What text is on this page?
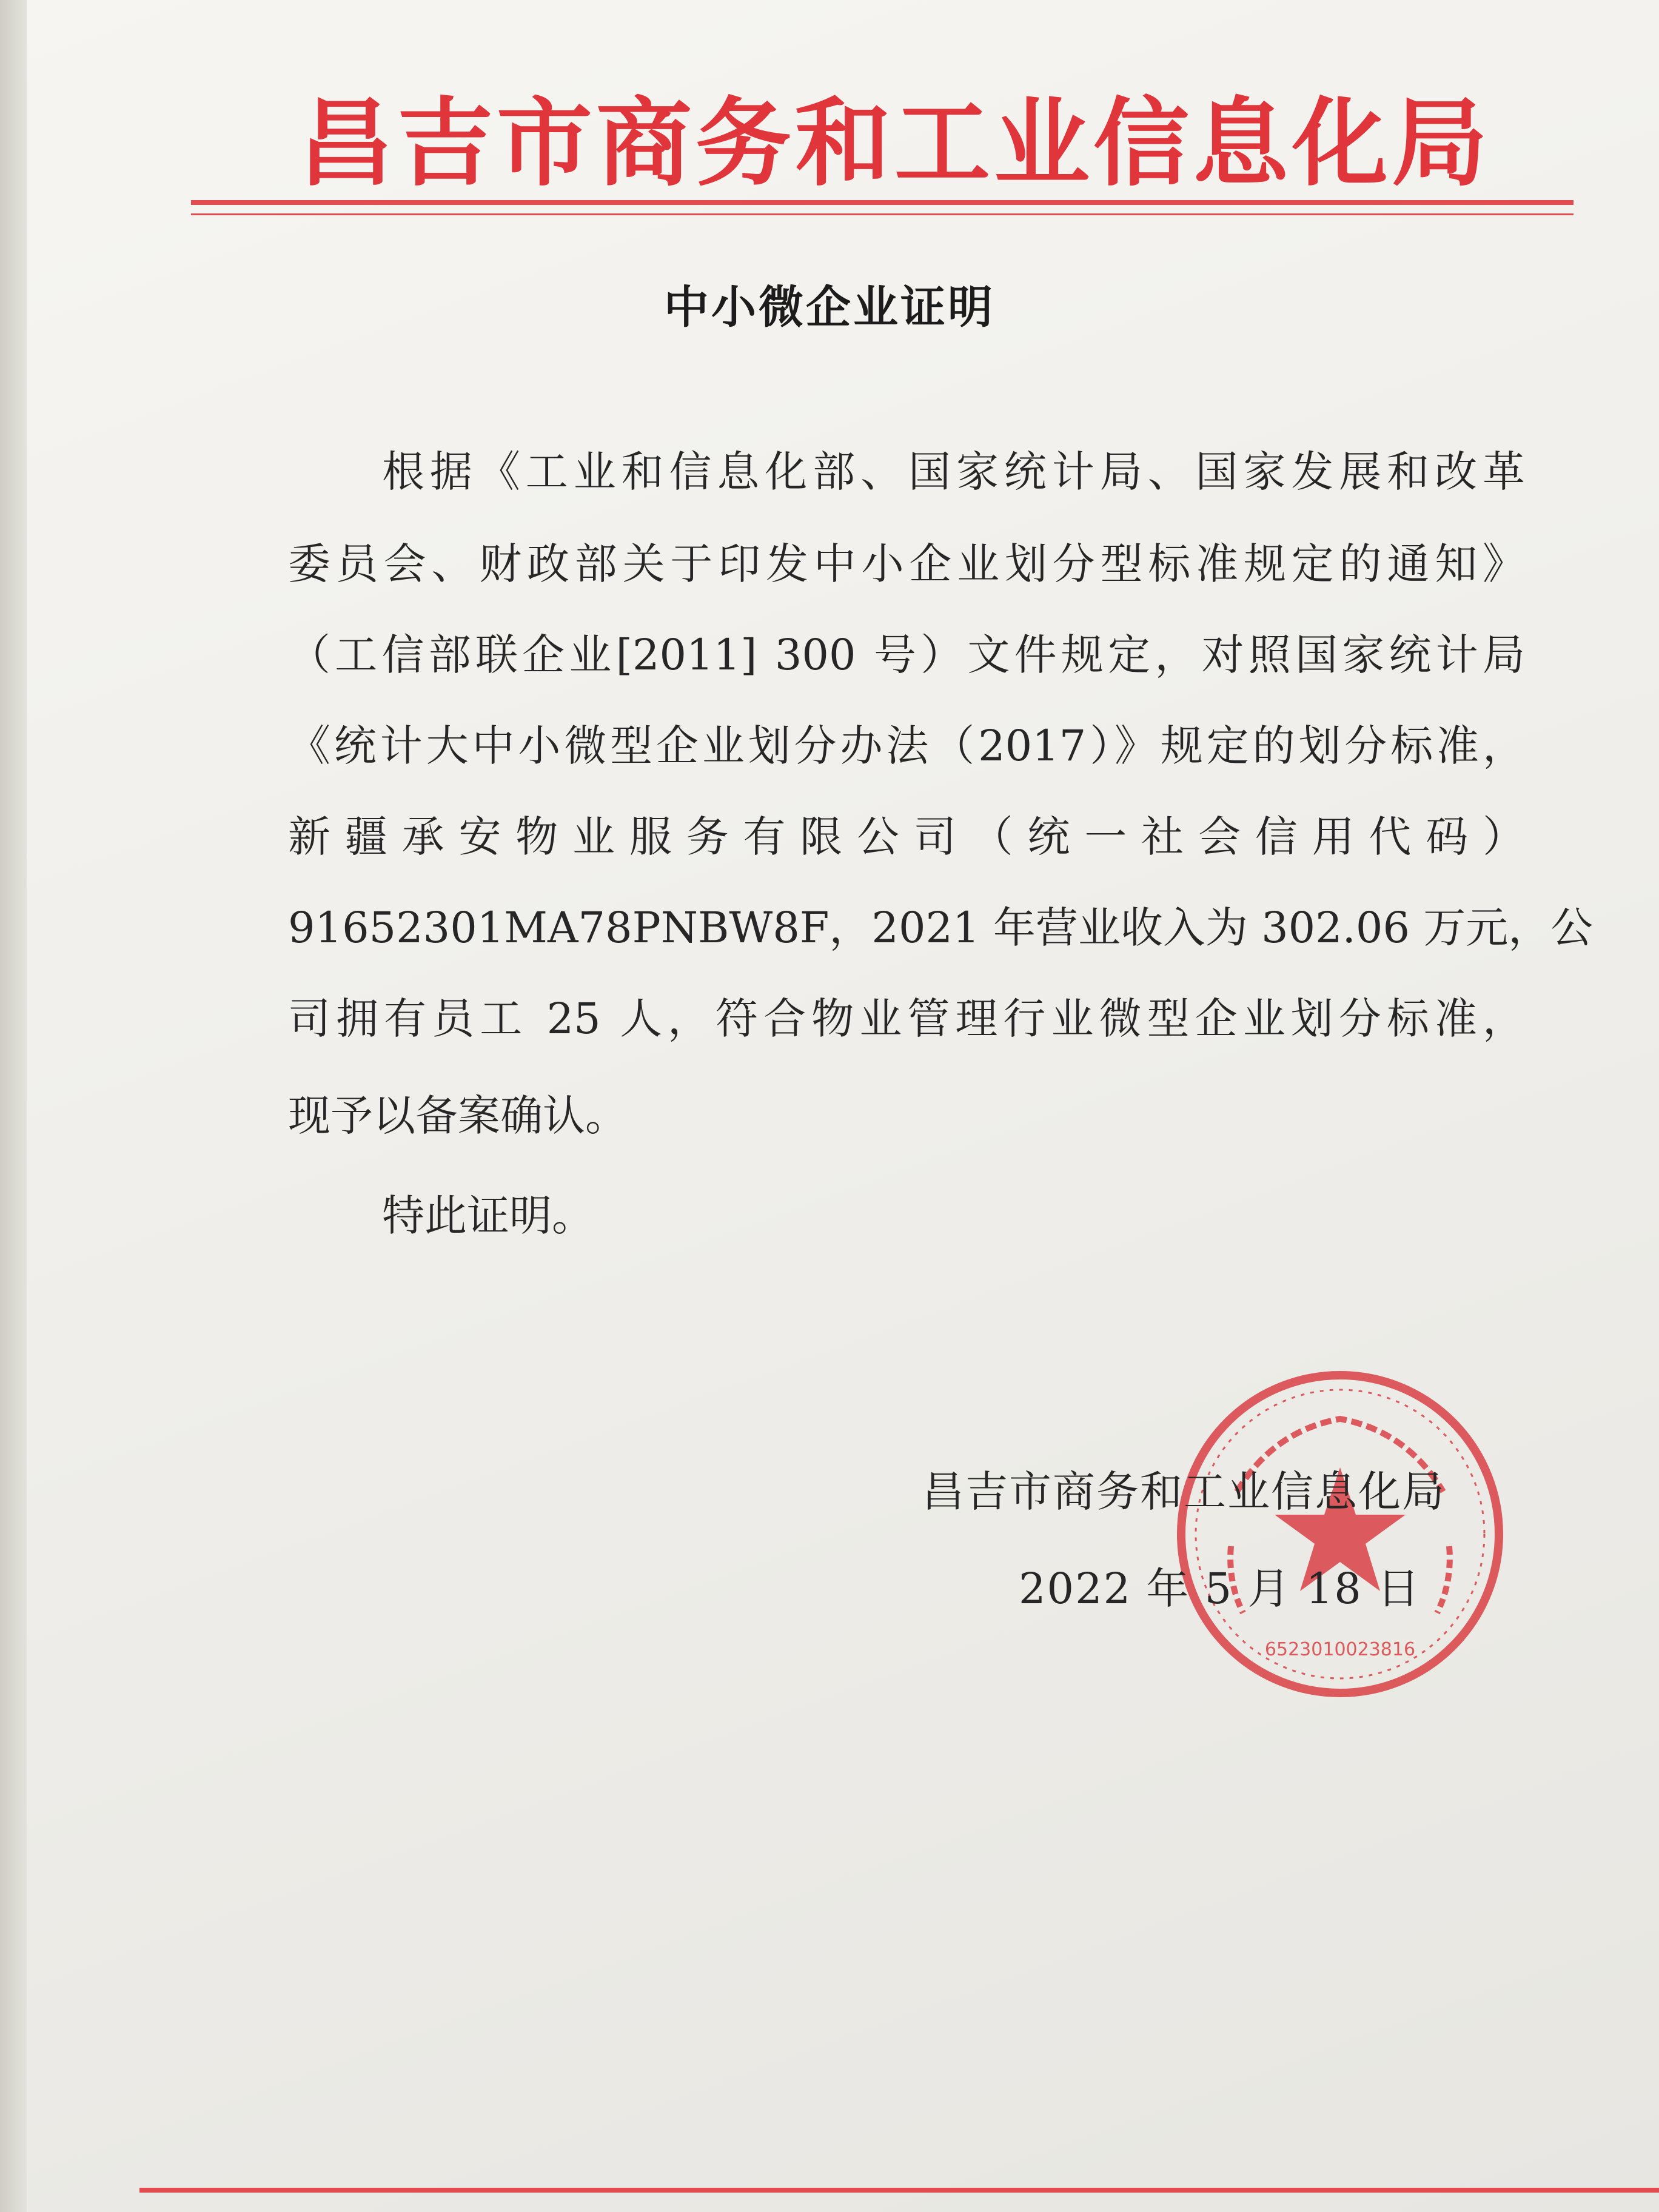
昌吉市商务和工业信息化局
中小微企业证明
根据《工业和信息化部、国家统计局、国家发展和改革
委员会、财政部关于印发中小企业划分型标准规定的通知》
（工信部联企业[2011] 300 号）文件规定，对照国家统计局
《统计大中小微型企业划分办法（2017）》规定的划分标准，
新疆承安物业服务有限公司（统一社会信用代码）
91652301MA78PNBW8F，2021 年营业收入为 302.06 万元，公
司拥有员工 25 人，符合物业管理行业微型企业划分标准，
现予以备案确认。
特此证明。
6523010023816
昌吉市商务和工业信息化局
2022 年 5 月 18 日
